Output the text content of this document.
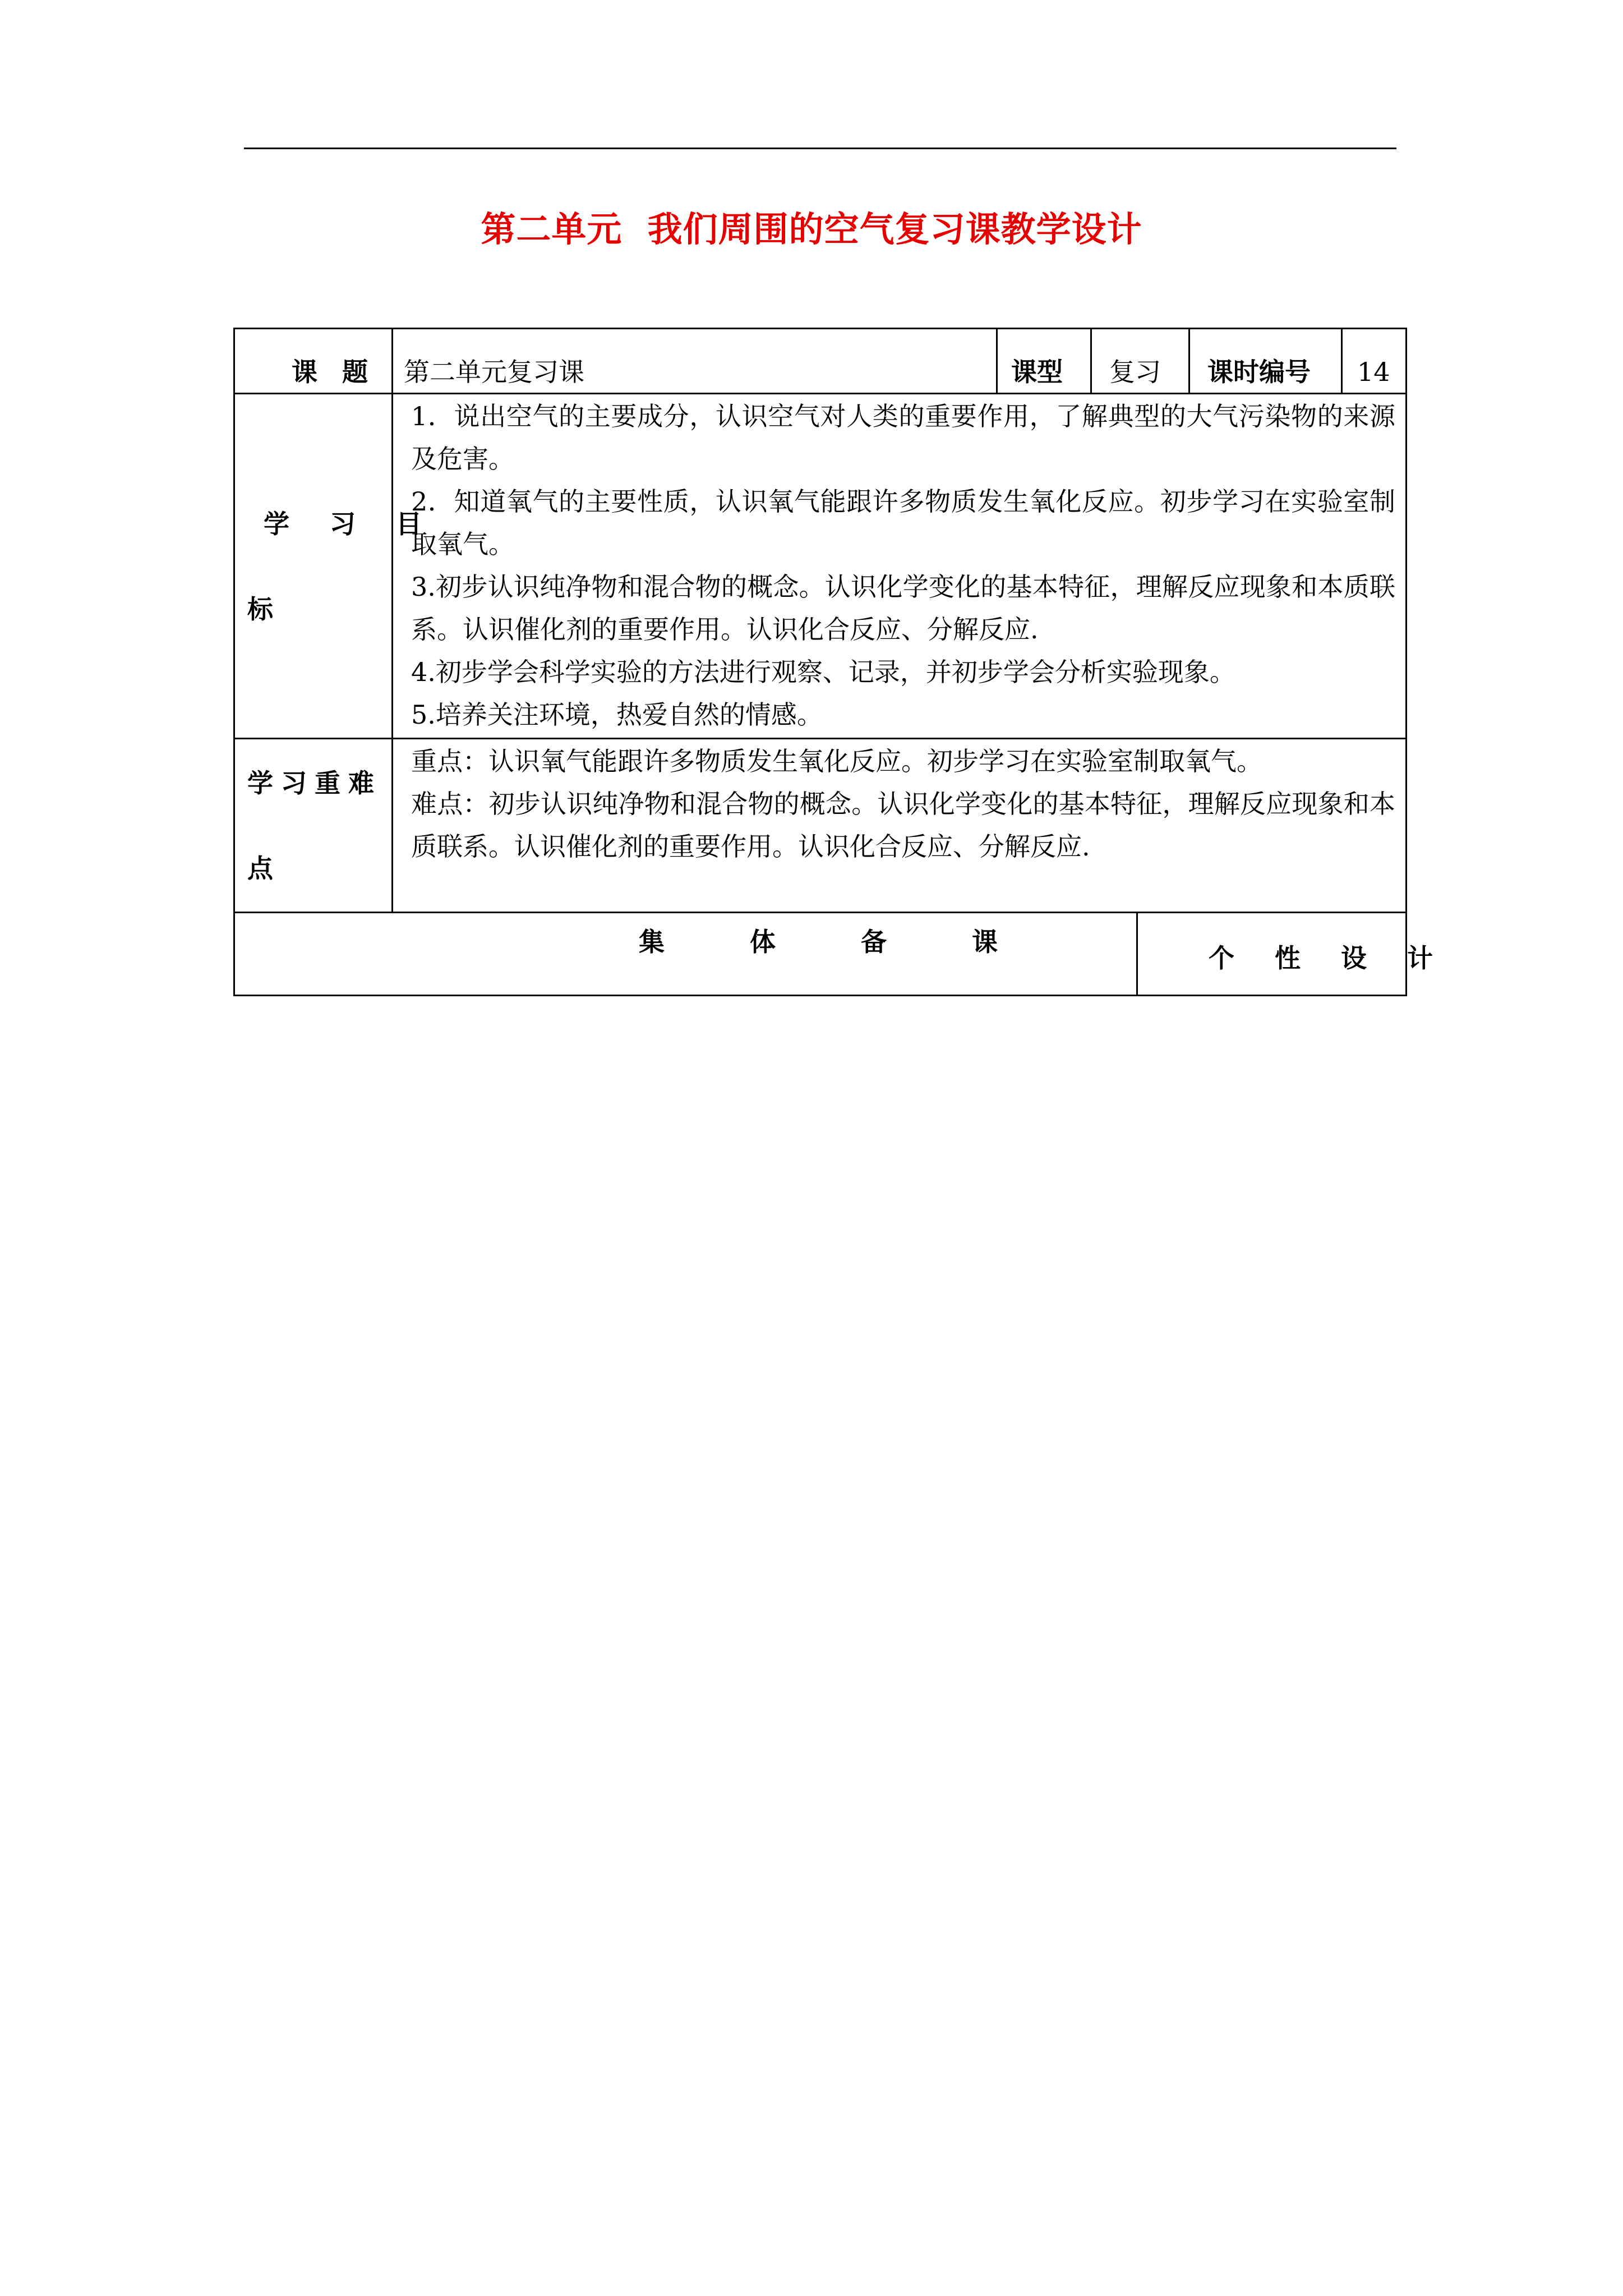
第二单元  我们周围的空气复习课教学设计
课 题 第二单元复习课	课型 复习 课时编号 14
学 习 目
标
1．说出空气的主要成分，认识空气对人类的重要作用，了解典型的大气污染物的来源及危害。
2．知道氧气的主要性质，认识氧气能跟许多物质发生氧化反应。初步学习在实验室制取氧气。
3.初步认识纯净物和混合物的概念。认识化学变化的基本特征，理解反应现象和本质联系。认识催化剂的重要作用。认识化合反应、分解反应.
4.初步学会科学实验的方法进行观察、记录，并初步学会分析实验现象。
5.培养关注环境，热爱自然的情感。
学习重难
点
重点：认识氧气能跟许多物质发生氧化反应。初步学习在实验室制取氧气。
难点：初步认识纯净物和混合物的概念。认识化学变化的基本特征，理解反应现象和本质联系。认识催化剂的重要作用。认识化合反应、分解反应.
集 体 备 课
个 性 设 计
